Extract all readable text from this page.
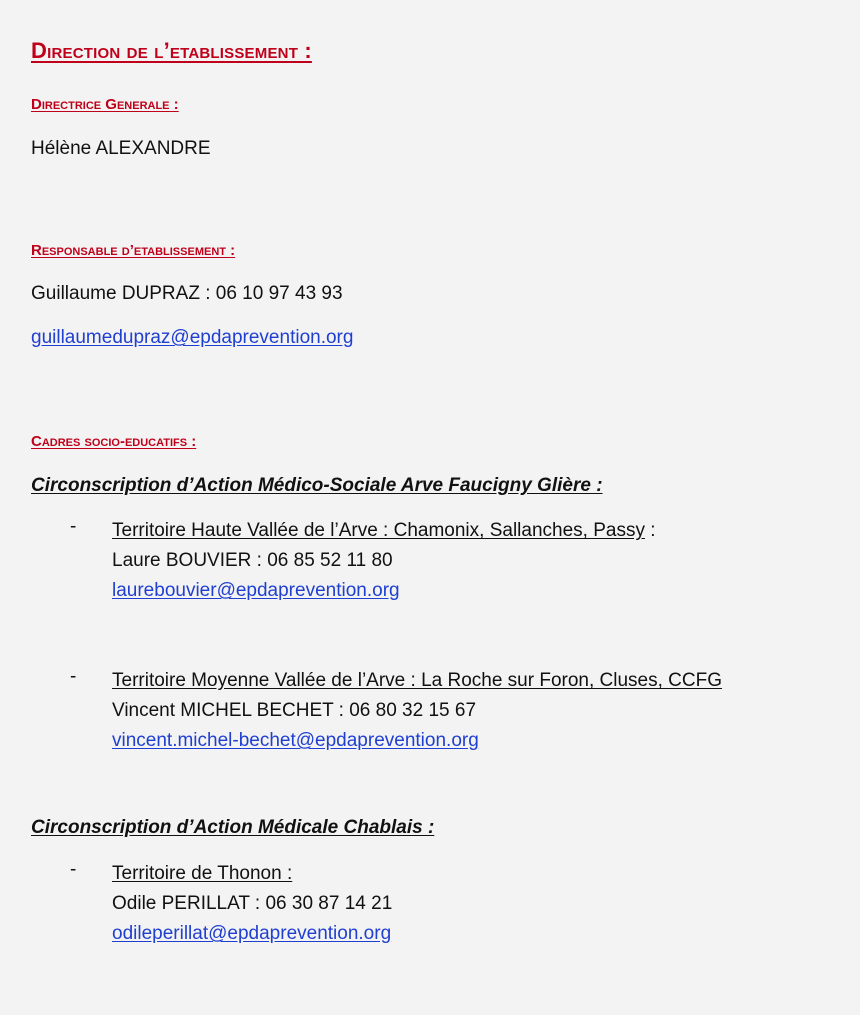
Direction de l’etablissement :
Directrice Generale :

Hélène ALEXANDRE

Responsable d’etablissement :

Guillaume DUPRAZ : 06 10 97 43 93

guillaumedupraz@epdaprevention.org

Cadres socio-educatifs :

Circonscription d’Action Médico-Sociale Arve Faucigny Glière :

- Territoire Haute Vallée de l’Arve : Chamonix, Sallanches, Passy :
Laure BOUVIER : 06 85 52 11 80
laurebouvier@epdaprevention.org
- Territoire Moyenne Vallée de l’Arve : La Roche sur Foron, Cluses, CCFG
Vincent MICHEL BECHET : 06 80 32 15 67
vincent.michel-bechet@epdaprevention.org

Circonscription d’Action Médicale Chablais :

- Territoire de Thonon :
Odile PERILLAT : 06 30 87 14 21
odileperillat@epdaprevention.org
